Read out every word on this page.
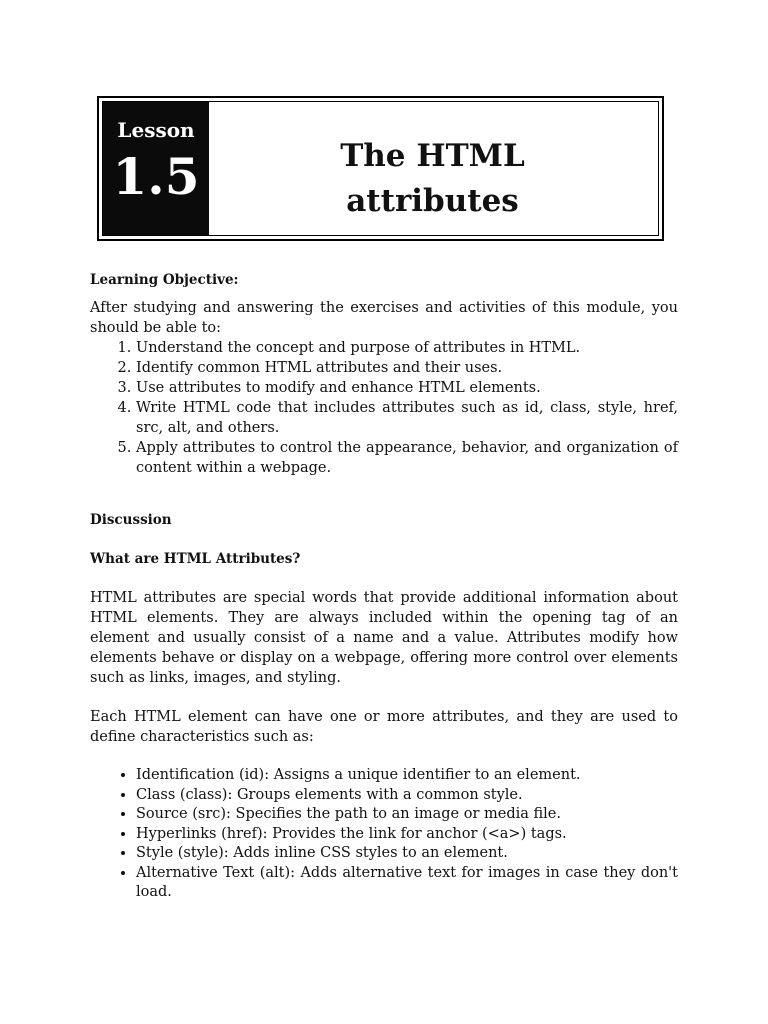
Lesson
1.5	The HTML
attributes

Learning Objective:

After studying and answering the exercises and activities of this module, you should be able to:

1. Understand the concept and purpose of attributes in HTML.
2. Identify common HTML attributes and their uses.
3. Use attributes to modify and enhance HTML elements.
4. Write HTML code that includes attributes such as id, class, style, href, src, alt, and others.
5. Apply attributes to control the appearance, behavior, and organization of content within a webpage.

Discussion

What are HTML Attributes?

HTML attributes are special words that provide additional information about HTML elements. They are always included within the opening tag of an element and usually consist of a name and a value. Attributes modify how elements behave or display on a webpage, offering more control over elements such as links, images, and styling.

Each HTML element can have one or more attributes, and they are used to define characteristics such as:

• Identification (id): Assigns a unique identifier to an element.
• Class (class): Groups elements with a common style.
• Source (src): Specifies the path to an image or media file.
• Hyperlinks (href): Provides the link for anchor (<a>) tags.
• Style (style): Adds inline CSS styles to an element.
• Alternative Text (alt): Adds alternative text for images in case they don't load.
